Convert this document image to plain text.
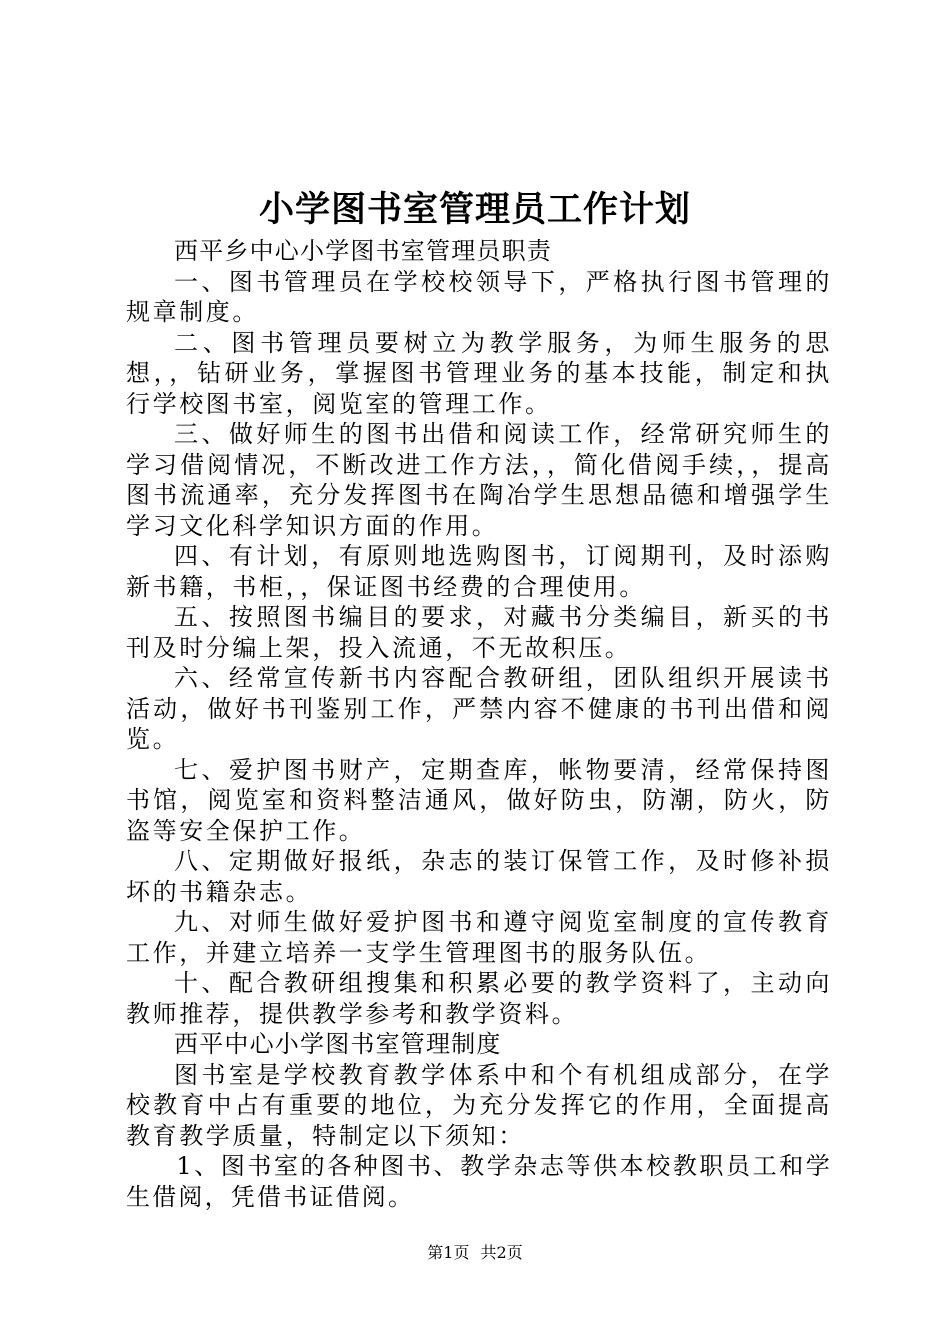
小学图书室管理员工作计划

西平乡中心小学图书室管理员职责

一、图书管理员在学校校领导下，严格执行图书管理的规章制度。

二、图书管理员要树立为教学服务，为师生服务的思想，，钻研业务，掌握图书管理业务的基本技能，制定和执行学校图书室，阅览室的管理工作。

三、做好师生的图书出借和阅读工作，经常研究师生的学习借阅情况，不断改进工作方法，，简化借阅手续，，提高图书流通率，充分发挥图书在陶冶学生思想品德和增强学生学习文化科学知识方面的作用。

四、有计划，有原则地选购图书，订阅期刊，及时添购新书籍，书柜，，保证图书经费的合理使用。

五、按照图书编目的要求，对藏书分类编目，新买的书刊及时分编上架，投入流通，不无故积压。

六、经常宣传新书内容配合教研组，团队组织开展读书活动，做好书刊鉴别工作，严禁内容不健康的书刊出借和阅览。

七、爱护图书财产，定期查库，帐物要清，经常保持图书馆，阅览室和资料整洁通风，做好防虫，防潮，防火，防盗等安全保护工作。

八、定期做好报纸，杂志的装订保管工作，及时修补损坏的书籍杂志。

九、对师生做好爱护图书和遵守阅览室制度的宣传教育工作，并建立培养一支学生管理图书的服务队伍。

十、配合教研组搜集和积累必要的教学资料了，主动向教师推荐，提供教学参考和教学资料。

西平中心小学图书室管理制度

图书室是学校教育教学体系中和个有机组成部分，在学校教育中占有重要的地位，为充分发挥它的作用，全面提高教育教学质量，特制定以下须知：

1、图书室的各种图书、教学杂志等供本校教职员工和学生借阅，凭借书证借阅。

第1页 共2页
